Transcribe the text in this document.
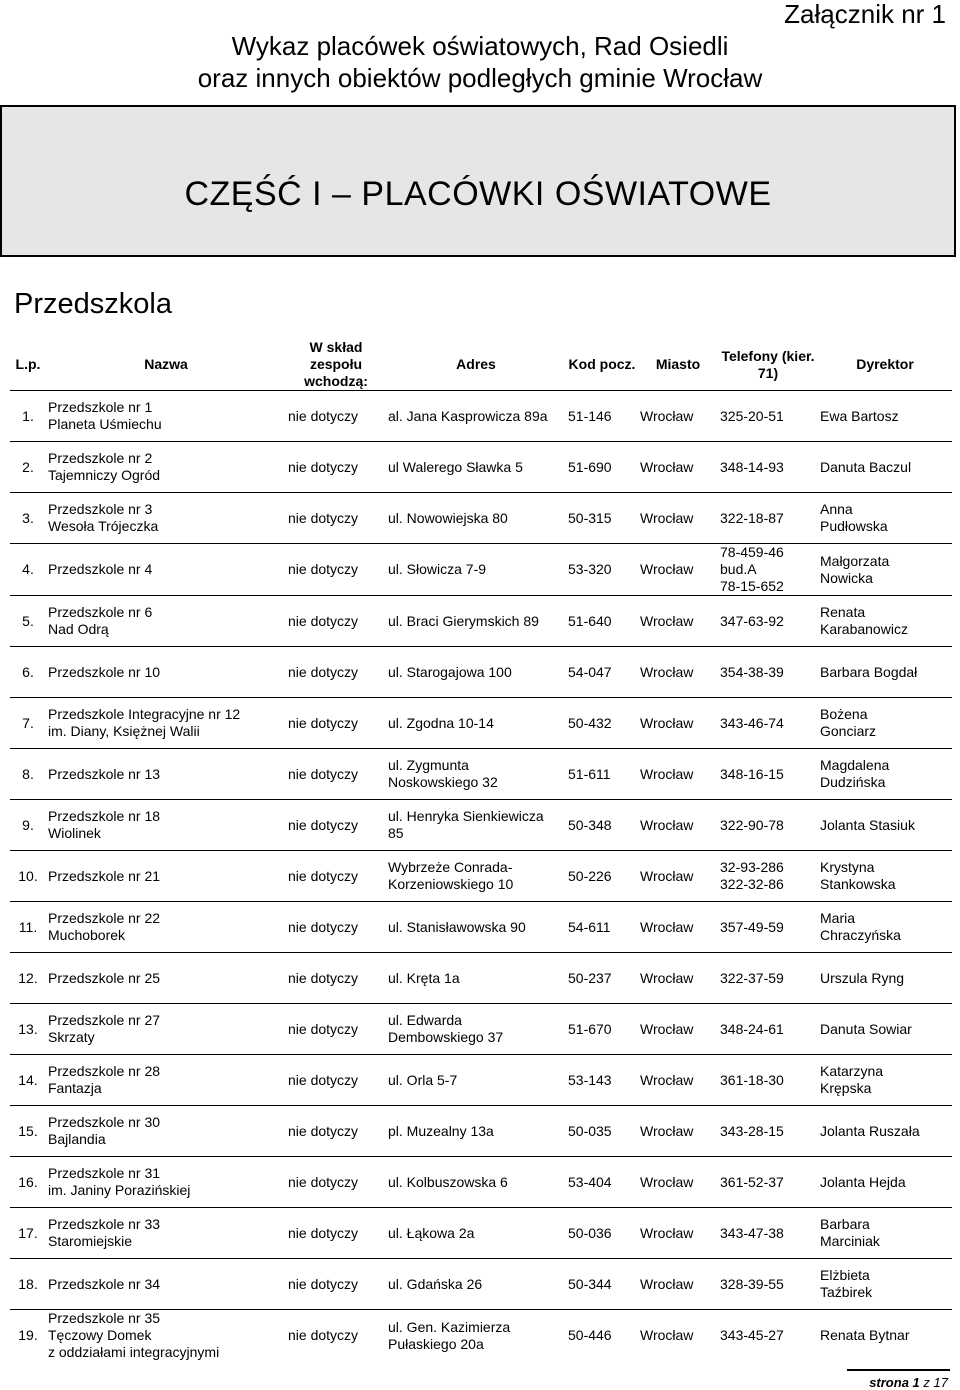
Załącznik nr 1
Wykaz placówek oświatowych, Rad Osiedli
oraz innych obiektów podległych gminie Wrocław
CZĘŚĆ I – PLACÓWKI OŚWIATOWE
Przedszkola
L.p.	Nazwa	W skład zespołu wchodzą:	Adres	Kod pocz.	Miasto	Telefony (kier. 71)	Dyrektor
1.	Przedszkole nr 1
Planeta Uśmiechu	nie dotyczy	al. Jana Kasprowicza 89a	51-146	Wrocław	325-20-51	Ewa Bartosz
2.	Przedszkole nr 2
Tajemniczy Ogród	nie dotyczy	ul Walerego Sławka 5	51-690	Wrocław	348-14-93	Danuta Baczul
3.	Przedszkole nr 3
Wesoła Trójeczka	nie dotyczy	ul. Nowowiejska 80	50-315	Wrocław	322-18-87	Anna
Pudłowska
4.	Przedszkole nr 4	nie dotyczy	ul. Słowicza 7-9	53-320	Wrocław	78-459-46
bud.A
78-15-652	Małgorzata
Nowicka
5.	Przedszkole nr 6
Nad Odrą	nie dotyczy	ul. Braci Gierymskich 89	51-640	Wrocław	347-63-92	Renata
Karabanowicz
6.	Przedszkole nr 10	nie dotyczy	ul. Starogajowa 100	54-047	Wrocław	354-38-39	Barbara Bogdał
7.	Przedszkole Integracyjne nr 12
im. Diany, Księżnej Walii	nie dotyczy	ul. Zgodna 10-14	50-432	Wrocław	343-46-74	Bożena
Gonciarz
8.	Przedszkole nr 13	nie dotyczy	ul. Zygmunta
Noskowskiego 32	51-611	Wrocław	348-16-15	Magdalena
Dudzińska
9.	Przedszkole nr 18
Wiolinek	nie dotyczy	ul. Henryka Sienkiewicza
85	50-348	Wrocław	322-90-78	Jolanta Stasiuk
10.	Przedszkole nr 21	nie dotyczy	Wybrzeże Conrada-
Korzeniowskiego 10	50-226	Wrocław	32-93-286
322-32-86	Krystyna
Stankowska
11.	Przedszkole nr 22
Muchoborek	nie dotyczy	ul. Stanisławowska 90	54-611	Wrocław	357-49-59	Maria
Chraczyńska
12.	Przedszkole nr 25	nie dotyczy	ul. Kręta 1a	50-237	Wrocław	322-37-59	Urszula Ryng
13.	Przedszkole nr 27
Skrzaty	nie dotyczy	ul. Edwarda
Dembowskiego 37	51-670	Wrocław	348-24-61	Danuta Sowiar
14.	Przedszkole nr 28
Fantazja	nie dotyczy	ul. Orla 5-7	53-143	Wrocław	361-18-30	Katarzyna
Krępska
15.	Przedszkole nr 30
Bajlandia	nie dotyczy	pl. Muzealny 13a	50-035	Wrocław	343-28-15	Jolanta Ruszała
16.	Przedszkole nr 31
im. Janiny Porazińskiej	nie dotyczy	ul. Kolbuszowska 6	53-404	Wrocław	361-52-37	Jolanta Hejda
17.	Przedszkole nr 33
Staromiejskie	nie dotyczy	ul. Łąkowa 2a	50-036	Wrocław	343-47-38	Barbara
Marciniak
18.	Przedszkole nr 34	nie dotyczy	ul. Gdańska 26	50-344	Wrocław	328-39-55	Elżbieta
Taźbirek
19.	Przedszkole nr 35
Tęczowy Domek
z oddziałami integracyjnymi	nie dotyczy	ul. Gen. Kazimierza
Pułaskiego 20a	50-446	Wrocław	343-45-27	Renata Bytnar
strona 1 z 17
